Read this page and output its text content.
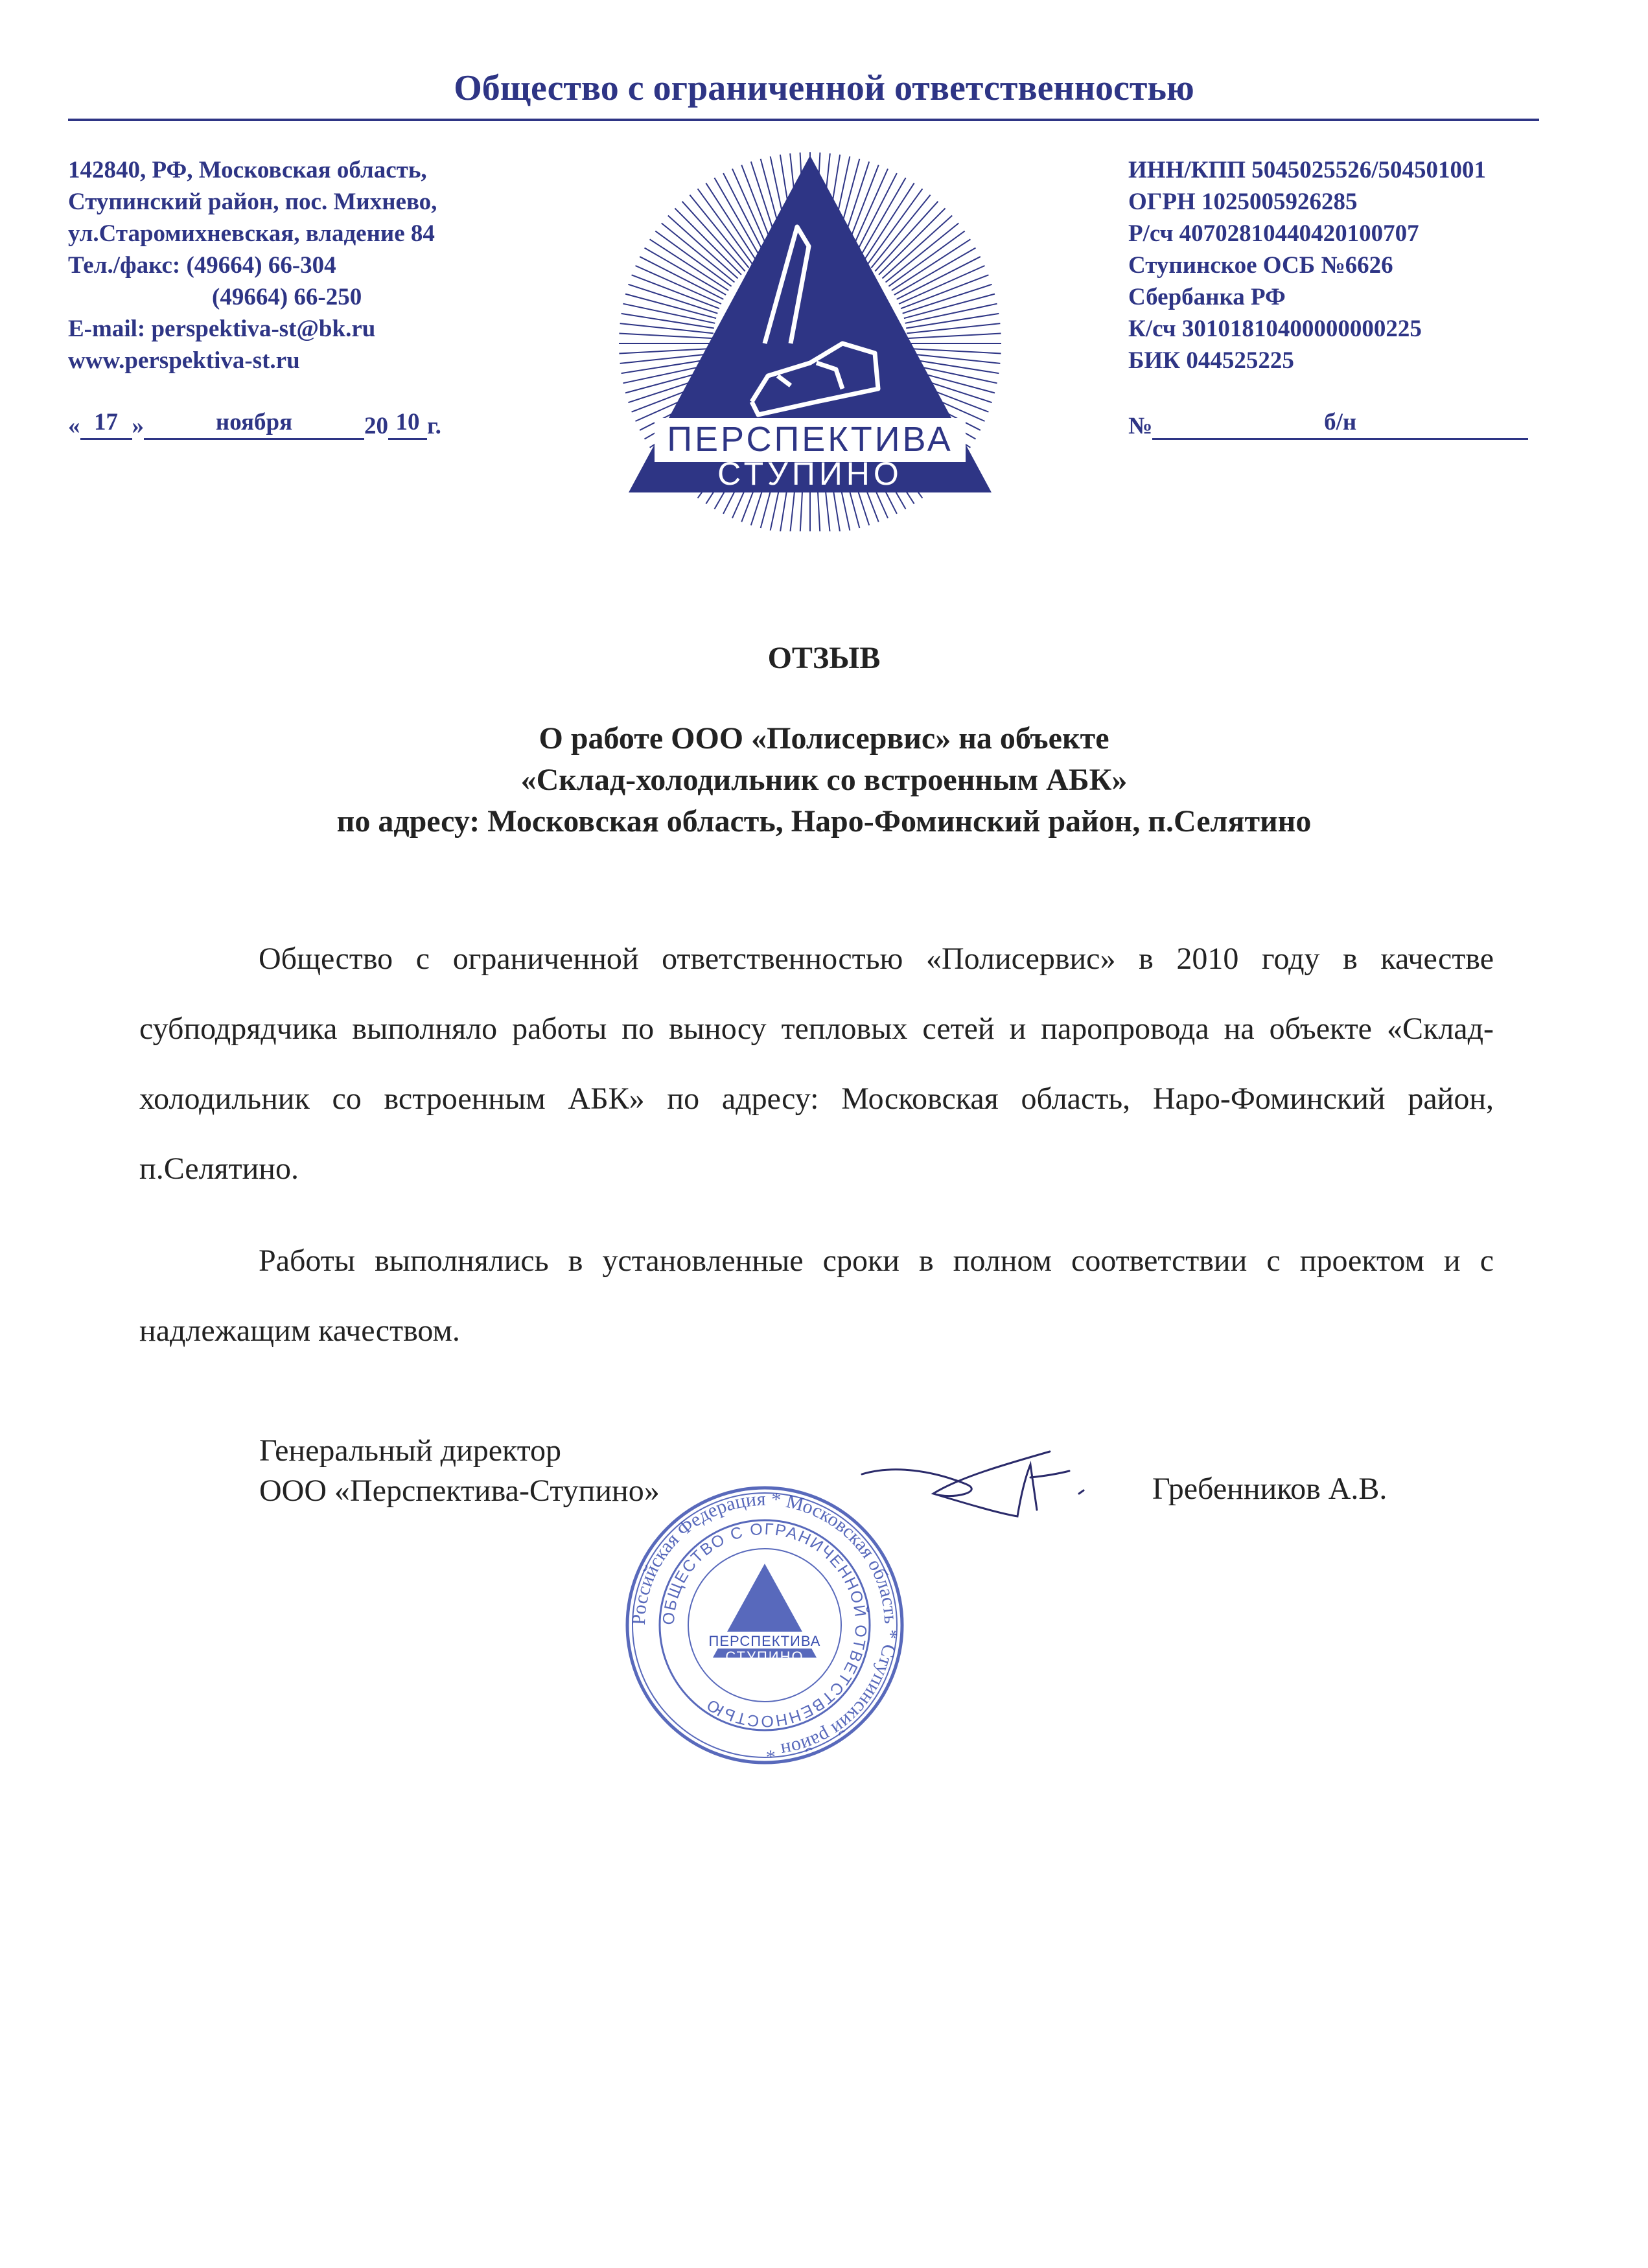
Общество с ограниченной ответственностью
142840, РФ, Московская область,
Ступинский район, пос. Михнево,
ул.Старомихневская, владение 84
Тел./факс: (49664) 66-304
(49664) 66-250
E-mail: perspektiva-st@bk.ru
www.perspektiva-st.ru
ИНН/КПП 5045025526/504501001
ОГРН 1025005926285
Р/сч 40702810440420100707
Ступинское ОСБ №6626
Сбербанка РФ
К/сч 30101810400000000225
БИК 044525225
« 17 »	ноября	20 10 г.	№	б/н
ПЕРСПЕКТИВА
СТУПИНО
ОТЗЫВ
О работе ООО «Полисервис» на объекте
«Склад-холодильник со встроенным АБК»
по адресу: Московская область, Наро-Фоминский район, п.Селятино
Общество с ограниченной ответственностью «Полисервис» в 2010 году в качестве субподрядчика выполняло работы по выносу тепловых сетей и паропровода на объекте «Склад-холодильник со встроенным АБК» по адресу: Московская область, Наро-Фоминский район, п.Селятино.
Работы выполнялись в установленные сроки в полном соответствии с проектом и с надлежащим качеством.
Генеральный директор
ООО «Перспектива-Ступино»	Гребенников А.В.
Российская Федерация * Московская область * Ступинский район *
ОБЩЕСТВО С ОГРАНИЧЕННОЙ ОТВЕТСТВЕННОСТЬЮ
ПЕРСПЕКТИВА
СТУПИНО
